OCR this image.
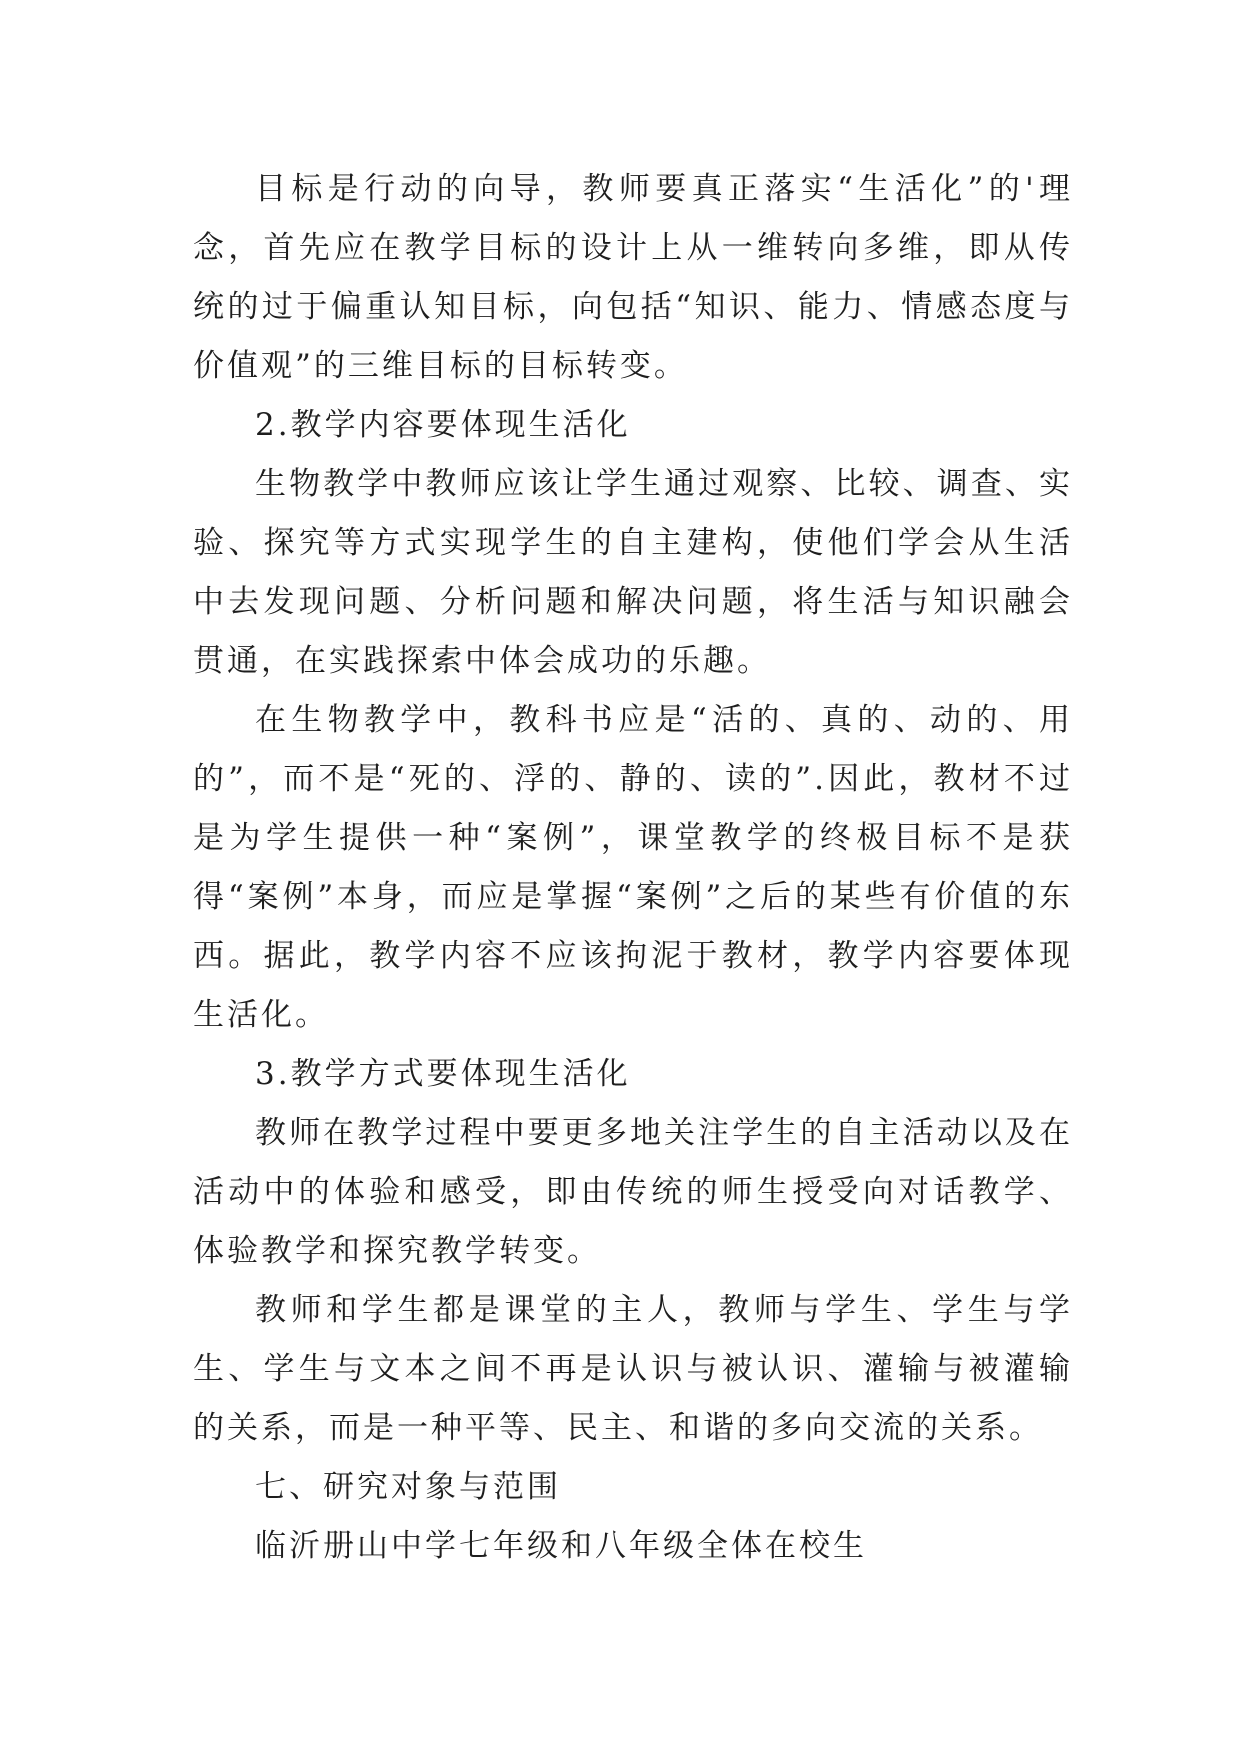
目标是行动的向导，教师要真正落实“生活化”的'理念，首先应在教学目标的设计上从一维转向多维，即从传统的过于偏重认知目标，向包括“知识、能力、情感态度与价值观”的三维目标的目标转变。

2.教学内容要体现生活化

生物教学中教师应该让学生通过观察、比较、调查、实验、探究等方式实现学生的自主建构，使他们学会从生活中去发现问题、分析问题和解决问题，将生活与知识融会贯通，在实践探索中体会成功的乐趣。

在生物教学中，教科书应是“活的、真的、动的、用的”，而不是“死的、浮的、静的、读的”.因此，教材不过是为学生提供一种“案例”，课堂教学的终极目标不是获得“案例”本身，而应是掌握“案例”之后的某些有价值的东西。据此，教学内容不应该拘泥于教材，教学内容要体现生活化。

3.教学方式要体现生活化

教师在教学过程中要更多地关注学生的自主活动以及在活动中的体验和感受，即由传统的师生授受向对话教学、体验教学和探究教学转变。

教师和学生都是课堂的主人，教师与学生、学生与学生、学生与文本之间不再是认识与被认识、灌输与被灌输的关系，而是一种平等、民主、和谐的多向交流的关系。

七、研究对象与范围

临沂册山中学七年级和八年级全体在校生
